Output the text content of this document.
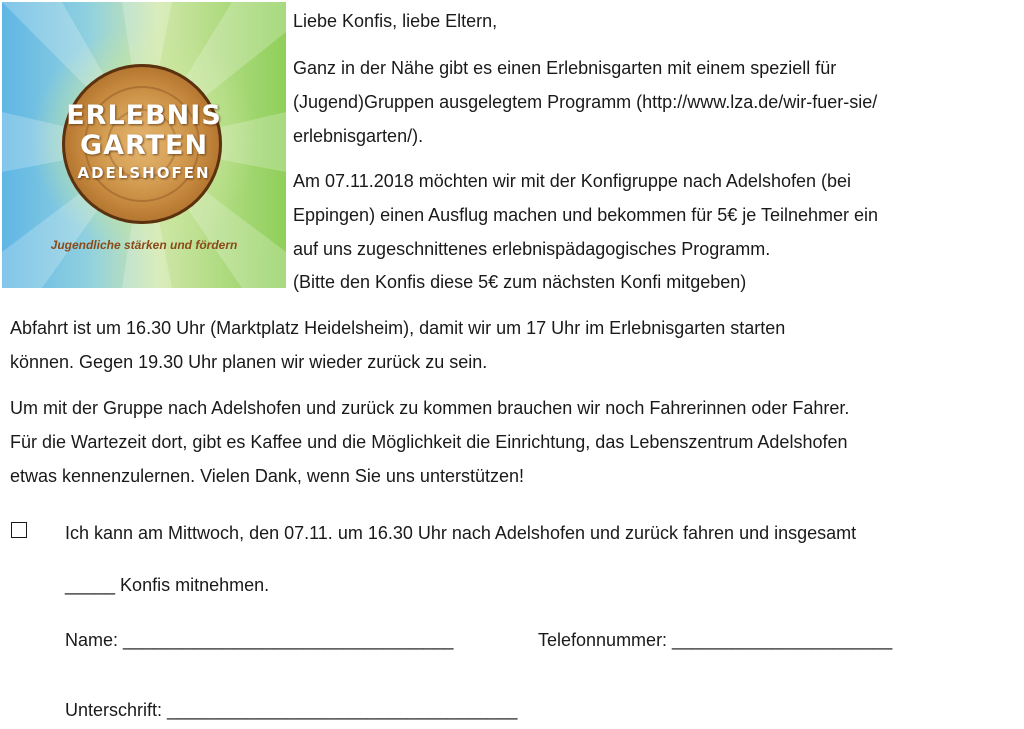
ERLEBNIS
GARTEN
ADELSHOFEN
Jugendliche stärken und fördern
Liebe Konfis, liebe Eltern,
Ganz in der Nähe gibt es einen Erlebnisgarten mit einem speziell für
(Jugend)Gruppen ausgelegtem Programm (http://www.lza.de/wir-fuer-sie/
erlebnisgarten/).
Am 07.11.2018 möchten wir mit der Konfigruppe nach Adelshofen (bei
Eppingen) einen Ausflug machen und bekommen für 5€ je Teilnehmer ein
auf uns zugeschnittenes erlebnispädagogisches Programm.
(Bitte den Konfis diese 5€ zum nächsten Konfi mitgeben)
Abfahrt ist um 16.30 Uhr (Marktplatz Heidelsheim), damit wir um 17 Uhr im Erlebnisgarten starten
können. Gegen 19.30 Uhr planen wir wieder zurück zu sein.
Um mit der Gruppe nach Adelshofen und zurück zu kommen brauchen wir noch Fahrerinnen oder Fahrer.
Für die Wartezeit dort, gibt es Kaffee und die Möglichkeit die Einrichtung, das Lebenszentrum Adelshofen
etwas kennenzulernen. Vielen Dank, wenn Sie uns unterstützen!
Ich kann am Mittwoch, den 07.11. um 16.30 Uhr nach Adelshofen und zurück fahren und insgesamt
_____ Konfis mitnehmen.
Name: _________________________________	Telefonnummer: ______________________
Unterschrift: ___________________________________
